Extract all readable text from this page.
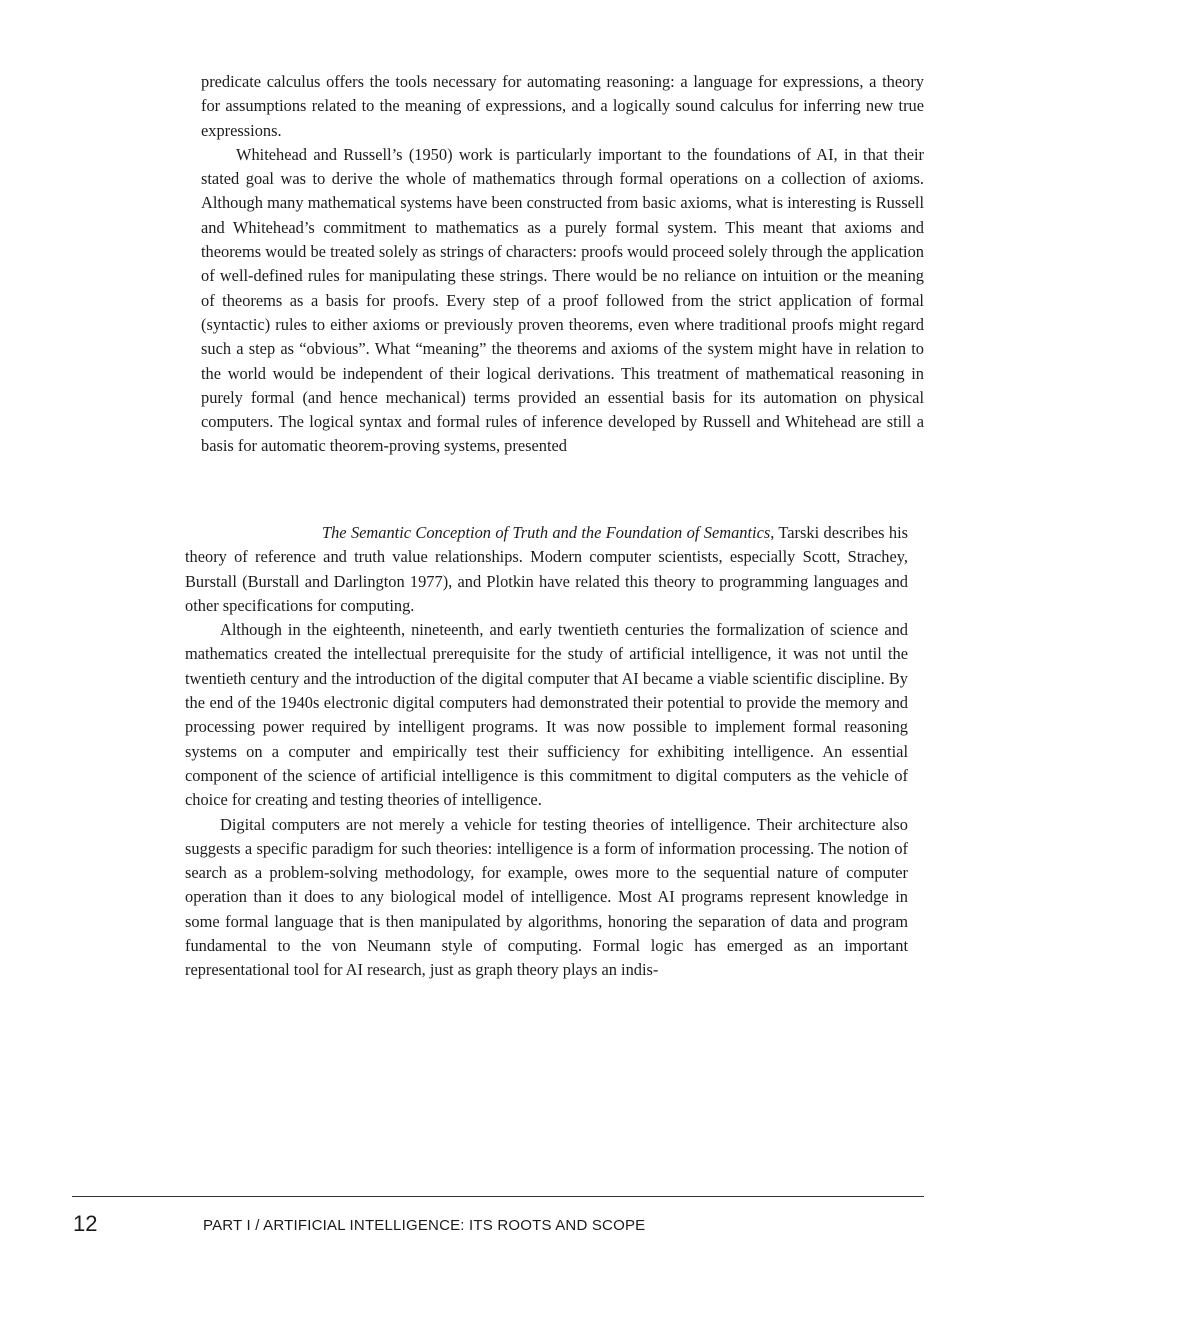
predicate calculus offers the tools necessary for automating reasoning: a language for expressions, a theory for assumptions related to the meaning of expressions, and a logically sound calculus for inferring new true expressions.

Whitehead and Russell’s (1950) work is particularly important to the foundations of AI, in that their stated goal was to derive the whole of mathematics through formal operations on a collection of axioms. Although many mathematical systems have been constructed from basic axioms, what is interesting is Russell and Whitehead’s commitment to mathematics as a purely formal system. This meant that axioms and theorems would be treated solely as strings of characters: proofs would proceed solely through the application of well-defined rules for manipulating these strings. There would be no reliance on intuition or the meaning of theorems as a basis for proofs. Every step of a proof followed from the strict application of formal (syntactic) rules to either axioms or previously proven theorems, even where traditional proofs might regard such a step as “obvious”. What “meaning” the theorems and axioms of the system might have in relation to the world would be independent of their logical derivations. This treatment of mathematical reasoning in purely formal (and hence mechanical) terms provided an essential basis for its automation on physical computers. The logical syntax and formal rules of inference developed by Russell and Whitehead are still a basis for automatic theorem-proving systems, presented

The Semantic Conception of Truth and the Foundation of Semantics, Tarski describes his theory of reference and truth value relationships. Modern computer scientists, especially Scott, Strachey, Burstall (Burstall and Darlington 1977), and Plotkin have related this theory to programming languages and other specifications for computing.

Although in the eighteenth, nineteenth, and early twentieth centuries the formalization of science and mathematics created the intellectual prerequisite for the study of artificial intelligence, it was not until the twentieth century and the introduction of the digital computer that AI became a viable scientific discipline. By the end of the 1940s electronic digital computers had demonstrated their potential to provide the memory and processing power required by intelligent programs. It was now possible to implement formal reasoning systems on a computer and empirically test their sufficiency for exhibiting intelligence. An essential component of the science of artificial intelligence is this commitment to digital computers as the vehicle of choice for creating and testing theories of intelligence.

Digital computers are not merely a vehicle for testing theories of intelligence. Their architecture also suggests a specific paradigm for such theories: intelligence is a form of information processing. The notion of search as a problem-solving methodology, for example, owes more to the sequential nature of computer operation than it does to any biological model of intelligence. Most AI programs represent knowledge in some formal language that is then manipulated by algorithms, honoring the separation of data and program fundamental to the von Neumann style of computing. Formal logic has emerged as an important representational tool for AI research, just as graph theory plays an indis-

12	PART I / ARTIFICIAL INTELLIGENCE: ITS ROOTS AND SCOPE
